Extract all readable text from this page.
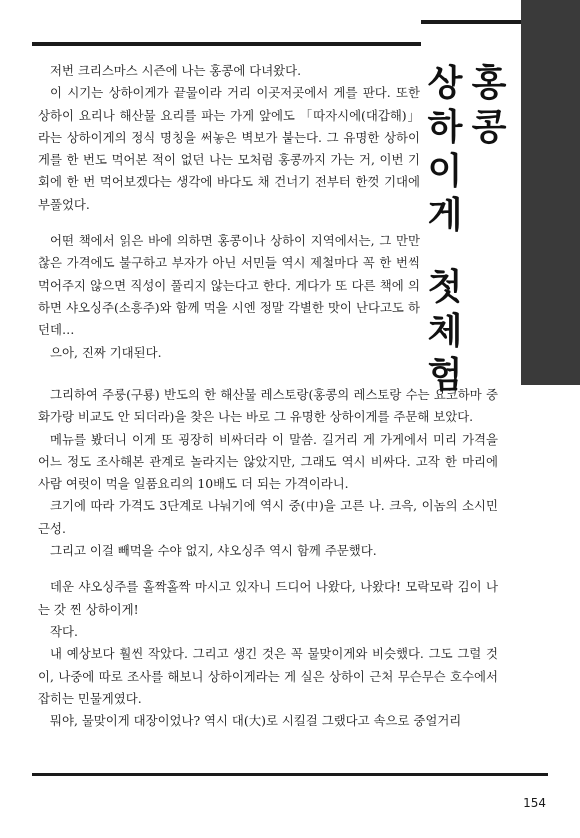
홍
콩
상
하
이
게
첫
체
험

저번 크리스마스 시즌에 나는 홍콩에 다녀왔다.

이 시기는 상하이게가 끝물이라 거리 이곳저곳에서 게를 판다. 또한 상하이 요리나 해산물 요리를 파는 가게 앞에도 「따자시에(대갑해)」라는 상하이게의 정식 명칭을 써놓은 벽보가 붙는다. 그 유명한 상하이게를 한 번도 먹어본 적이 없던 나는 모처럼 홍콩까지 가는 거, 이번 기회에 한 번 먹어보겠다는 생각에 바다도 채 건너기 전부터 한껏 기대에 부풀었다.

어떤 책에서 읽은 바에 의하면 홍콩이나 상하이 지역에서는, 그 만만찮은 가격에도 불구하고 부자가 아닌 서민들 역시 제철마다 꼭 한 번씩 먹어주지 않으면 직성이 풀리지 않는다고 한다. 게다가 또 다른 책에 의하면 샤오싱주(소흥주)와 함께 먹을 시엔 정말 각별한 맛이 난다고도 하던데…

으아, 진짜 기대된다.

그리하여 주룽(구룡) 반도의 한 해산물 레스토랑(홍콩의 레스토랑 수는 요코하마 중화가랑 비교도 안 되더라)을 찾은 나는 바로 그 유명한 상하이게를 주문해 보았다.

메뉴를 봤더니 이게 또 굉장히 비싸더라 이 말씀. 길거리 게 가게에서 미리 가격을 어느 정도 조사해본 관계로 놀라지는 않았지만, 그래도 역시 비싸다. 고작 한 마리에 사람 여럿이 먹을 일품요리의 10배도 더 되는 가격이라니.

크기에 따라 가격도 3단계로 나눠기에 역시 중(中)을 고른 나. 크윽, 이놈의 소시민 근성.

그리고 이걸 빼먹을 수야 없지, 샤오싱주 역시 함께 주문했다.

데운 샤오싱주를 홀짝홀짝 마시고 있자니 드디어 나왔다, 나왔다! 모락모락 김이 나는 갓 찐 상하이게!

작다.

내 예상보다 훨씬 작았다. 그리고 생긴 것은 꼭 물맞이게와 비슷했다. 그도 그럴 것이, 나중에 따로 조사를 해보니 상하이게라는 게 실은 상하이 근처 무슨무슨 호수에서 잡히는 민물게였다.

뭐야, 물맞이게 대장이었나? 역시 대(大)로 시킬걸 그랬다고 속으로 중얼거리

154
